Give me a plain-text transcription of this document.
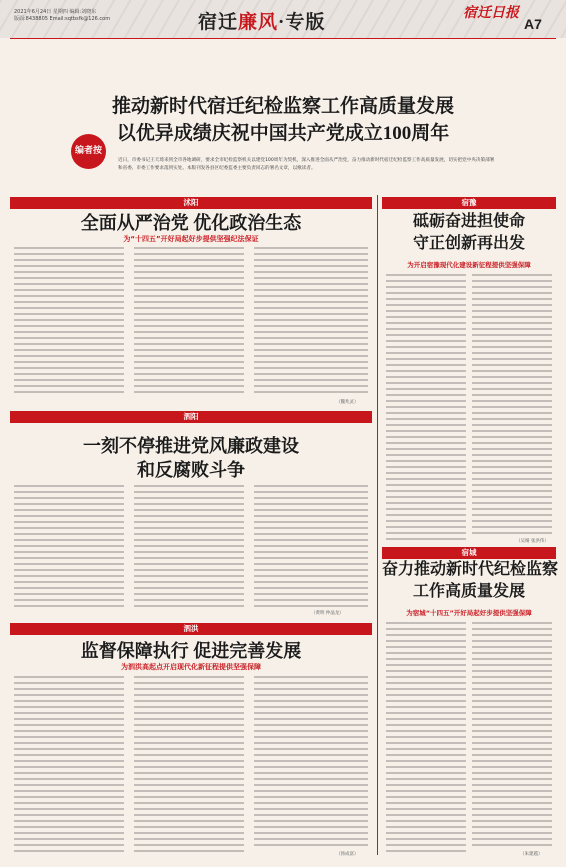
2021年6月24日 星期四 编辑:刘晓东
版面:8438805 Email:sqtbsfk@126.com	宿迁廉风·专版	宿迁日报
A7
推动新时代宿迁纪检监察工作高质量发展
以优异成绩庆祝中国共产党成立100周年
编者按
近日，市委书记王天琦来到全市各地调研，要求全市纪检监察机关以建党100周年为契机，深入推进全面从严治党，奋力推动新时代宿迁纪检监察工作高质量发展，切实把党中央决策部署和省委、市委工作要求落到实处。本版刊发各县区纪委监委主要负责同志的署名文章，以飨读者。
沭阳
全面从严治党 优化政治生态
为“十四五”开好局起好步提供坚强纪法保证
（魏兆灵）
泗阳
一刻不停推进党风廉政建设
和反腐败斗争
（黄明 仲晶龙）
泗洪
监督保障执行 促进完善发展
为泗洪高起点开启现代化新征程提供坚强保障
（汤成富）
宿豫
砥砺奋进担使命
守正创新再出发
为开启宿豫现代化建设新征程提供坚强保障
（吴晴 张洪伟）
宿城
奋力推动新时代纪检监察
工作高质量发展
为宿城“十四五”开好局起好步提供坚强保障
（朱建越）
